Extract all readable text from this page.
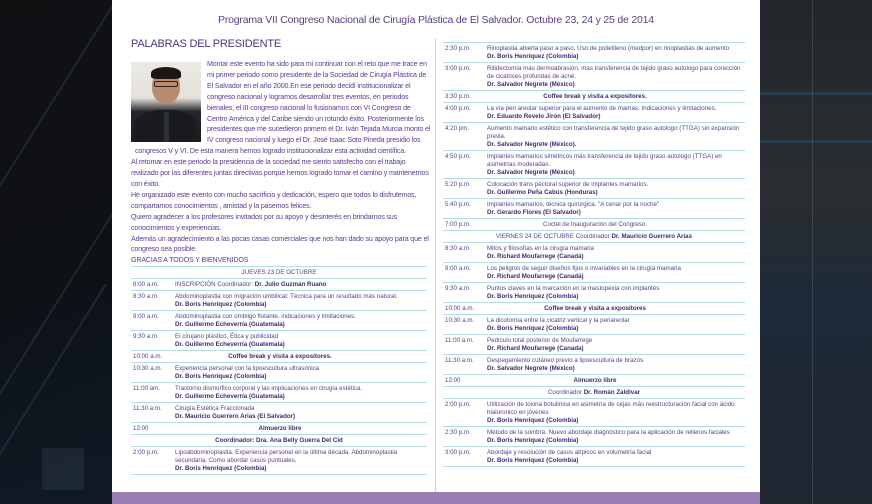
Programa VII Congreso Nacional de Cirugía Plástica de El Salvador. Octubre 23, 24 y 25 de 2014
PALABRAS DEL PRESIDENTE

Montar este evento ha sido para mi continuar con el reto que me trace en mi primer periodo como presidente de la Sociedad de Cirugía Plástica de El Salvador en el año 2000.En ese periodo decidí institucionalizar el congreso nacional y logramos desarrollar tres eventos, en periodos bienales, el III congreso nacional lo fusionamos con VI Congreso de Centro América y del Caribe siendo un rotundo éxito. Posteriormente los presidentes que me sucedieron primero el Dr. Iván Tejada Murcia monto el IV congreso nacional y luego el Dr. José Isaac Soto Pineda presidio los congresos V y VI. De esta manera hemos logrado institucionalizar esta actividad científica.

Al retomar en este periodo la presidencia de la sociedad me siento satisfecho con el trabajo realizado por las diferentes juntas directivas porque hemos logrado tomar el camino y mantenernos con éxito.

He organizado este evento con mucho sacrificio y dedicación, espero que todos lo disfrutemos, compartamos conocimientos , amistad y la pasemos felices.

Quiero agradecer a los profesores invitados por su apoyo y desinterés en brindarnos sus conocimientos y experiencias.

Además un agradecimiento a las pocas casas comerciales que nos han dado su apoyo para que el congreso sea posible.

GRACIAS A TODOS Y BIENVENIDOS

JUEVES 23 DE OCTUBRE
8:00 a.m.	INSCRIPCIÓN Coordinador: Dr. Julio Guzmán Ruano
8:30 a.m.	Abdominoplastia con migración umbilical: Técnica para un resultado más natural.
Dr. Boris Henríquez (Colombia)
9:00 a.m.	Abdominoplastia con ombligo flotante, indicaciones y limitaciones.
Dr. Guillermo Echeverría (Guatemala)
9:30 a.m.	El cirujano plástico, Ética y publicidad
Dr. Guillermo Echeverría (Guatemala)
10:00 a.m.	Coffee break y visita a expositores.
10:30 a.m.	Experiencia personal con la lipoescultura ultrasónica
Dr. Boris Henríquez (Colombia)
11:00 am.	Trastorno dismorfico corporal y las implicaciones en cirugía estética.
Dr. Guillermo Echeverría (Guatemala)
11:30 a.m.	Cirugía Estética Fraccionada
Dr. Mauricio Guerrero Arias (El Salvador)
12:00	Almuerzo libre
Coordinador: Dra. Ana Belly Guerra Del Cid
2:00 p.m.	Lipoabdominoplastia. Experiencia personal en la última década. Abdominoplastia secundaria. Como abordar casos puntuales.
Dr. Boris Henríquez (Colombia)
2:30 p.m.	Rinoplastia abierta paso a paso. Uso de polietileno (medpor) en rinoplastias de aumento
Dr. Boris Henríquez (Colombia)
3:00 p.m.	Ritidectomía más dermoabrasión, mas transferencia de tejido graso autologo para corección de cicatrices profundas de acné.
Dr. Salvador Negrete (México)
3:30 p.m.	Coffee break y visita a expositores.
4:00 p.m.	La vía peri areolar superior para el aumento de mamas. Indicaciones y limitaciones.
Dr. Eduardo Revelo Jirón (El Salvador)
4:20 pm.	Aumento mamario estético con transferencia de tejido graso autologo (TTGA) sin expansión previa.
Dr. Salvador Negrete (México).
4:50 p.m.	Implantes mamarios simétricos más transferencia de tejido graso autologo (TTGA) en asimetrías moderadas.
Dr. Salvador Negrete (México)
5:20 p.m.	Colocación trans pectoral superior de implantes mamarios.
Dr. Guillermo Peña Cabús (Honduras)
5:40 p.m.	Implantes mamarios, técnica quirúrgica. "A cenar por la noche"
Dr. Gerardo Flores (El Salvador)
7:00 p.m.	Coctel de Inauguración del Congreso.
VIERNES 24 DE OCTUBRE Coordinador Dr. Mauricio Guerrero Arias
8:30 a.m.	Mitos y filosofías en la cirugía mamaria
Dr. Richard Moufarrege (Canadá)
9:00 a.m.	Los peligros de seguir diseños fijos o invariables en la cirugía mamaria
Dr. Richard Moufarrege (Canadá)
9:30 a.m.	Puntos claves en la marcación en la mastopexia con implantes
Dr. Boris Henríquez (Colombia)
10:00 a.m.	Coffee break y visita a expositores
10:30 a.m.	La dicotomía entre la cicatriz vertical y la periareolar
Dr. Boris Henríquez (Colombia)
11:00 a.m.	Pedículo total posterior de Moufarrege
Dr. Richard Moufarrege (Canada)
11:30 a.m.	Despegamiento cutáneo previo a lipoescultura de brazos
Dr. Salvador Negrete (México)
12:00	Almuerzo libre
Coordinador Dr. Román Zaldivar
2:00 p.m.	Utilización de toxina botulínica en asimetría de cejas más reestructuración facial con ácido hialuronico en jóvenes
Dr. Boris Henríquez (Colombia)
2:30 p.m.	Método de la sombra. Nuevo abordaje diagnóstico para la aplicación de rellenos faciales
Dr. Boris Henríquez (Colombia)
3:00 p.m.	Abordaje y resolución de casos atípicos en volumetría facial
Dr. Boris Henríquez (Colombia)
